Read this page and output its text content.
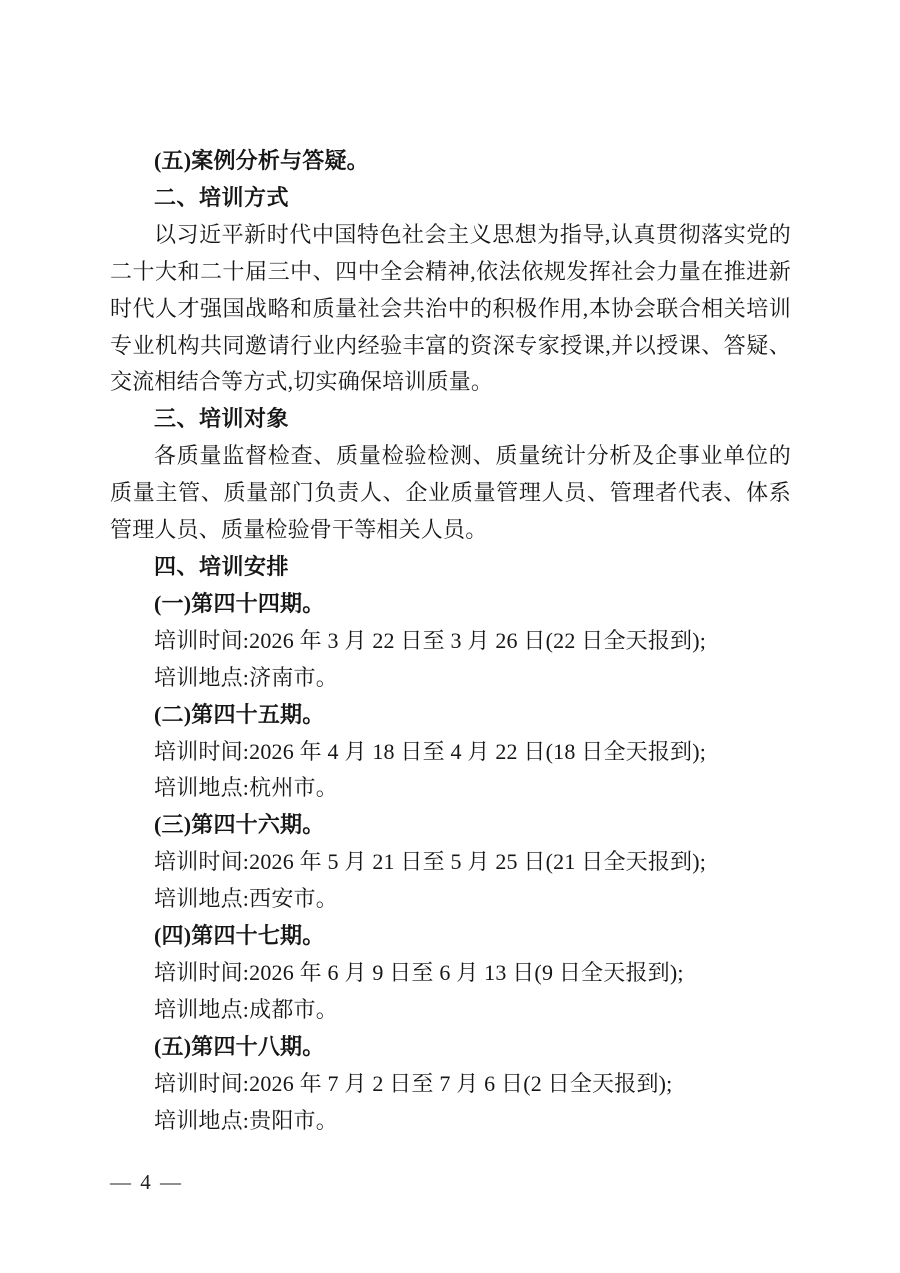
(五)案例分析与答疑。

二、培训方式

以习近平新时代中国特色社会主义思想为指导,认真贯彻落实党的二十大和二十届三中、四中全会精神,依法依规发挥社会力量在推进新时代人才强国战略和质量社会共治中的积极作用,本协会联合相关培训专业机构共同邀请行业内经验丰富的资深专家授课,并以授课、答疑、交流相结合等方式,切实确保培训质量。

三、培训对象

各质量监督检查、质量检验检测、质量统计分析及企事业单位的质量主管、质量部门负责人、企业质量管理人员、管理者代表、体系管理人员、质量检验骨干等相关人员。

四、培训安排

(一)第四十四期。

培训时间:2026 年 3 月 22 日至 3 月 26 日(22 日全天报到);

培训地点:济南市。

(二)第四十五期。

培训时间:2026 年 4 月 18 日至 4 月 22 日(18 日全天报到);

培训地点:杭州市。

(三)第四十六期。

培训时间:2026 年 5 月 21 日至 5 月 25 日(21 日全天报到);

培训地点:西安市。

(四)第四十七期。

培训时间:2026 年 6 月 9 日至 6 月 13 日(9 日全天报到);

培训地点:成都市。

(五)第四十八期。

培训时间:2026 年 7 月 2 日至 7 月 6 日(2 日全天报到);

培训地点:贵阳市。

— 4 —
